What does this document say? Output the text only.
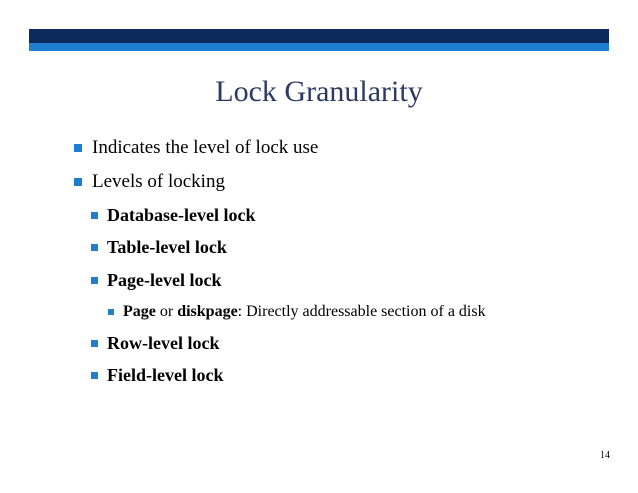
Lock Granularity
Indicates the level of lock use
Levels of locking
Database-level lock
Table-level lock
Page-level lock
Page or diskpage: Directly addressable section of a disk
Row-level lock
Field-level lock
14
